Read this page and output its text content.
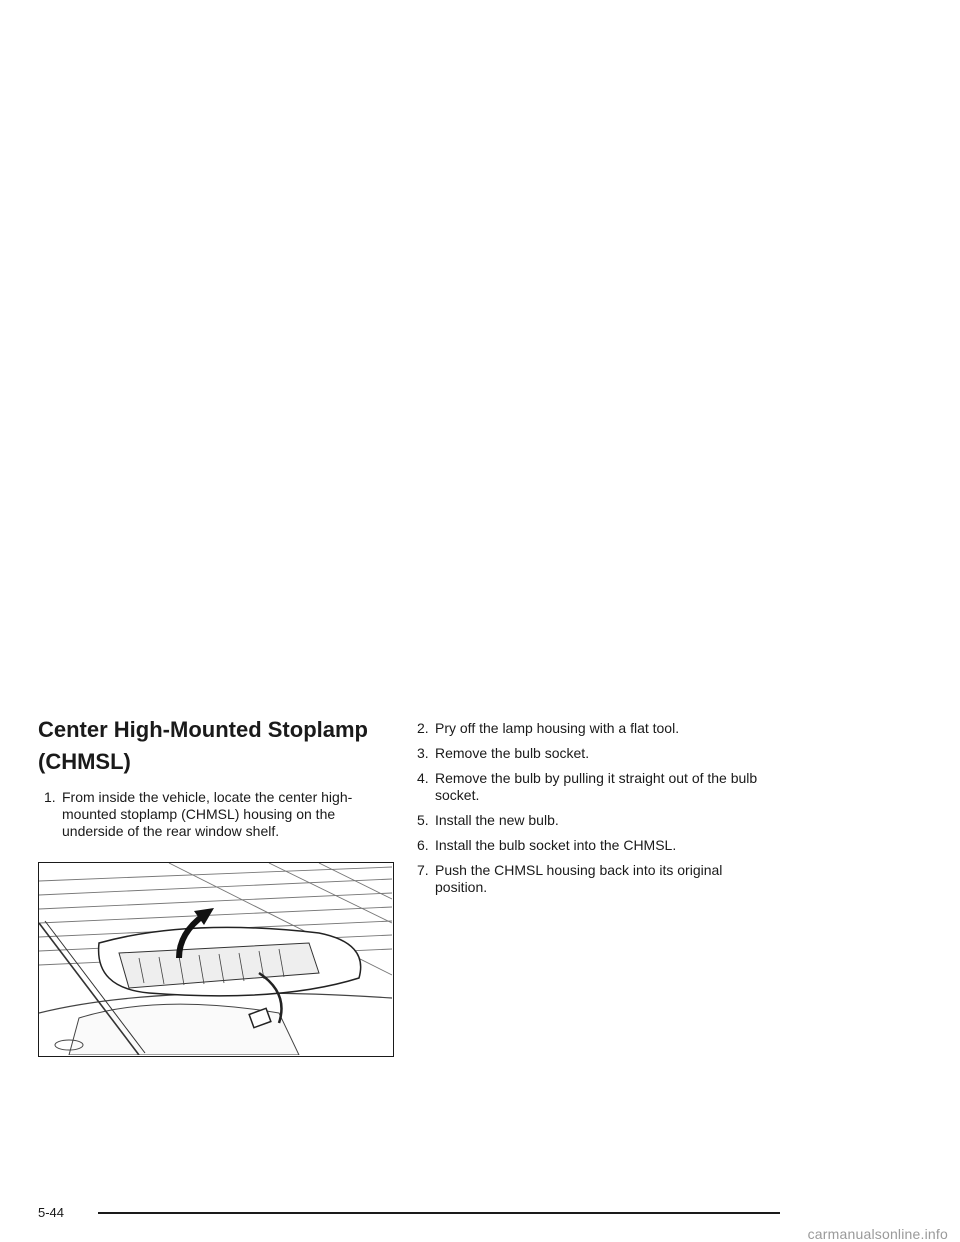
Center High-Mounted Stoplamp
(CHMSL)
1. From inside the vehicle, locate the center high-mounted stoplamp (CHMSL) housing on the underside of the rear window shelf.
2. Pry off the lamp housing with a flat tool.
3. Remove the bulb socket.
4. Remove the bulb by pulling it straight out of the bulb socket.
5. Install the new bulb.
6. Install the bulb socket into the CHMSL.
7. Push the CHMSL housing back into its original position.
5-44
carmanualsonline.info
